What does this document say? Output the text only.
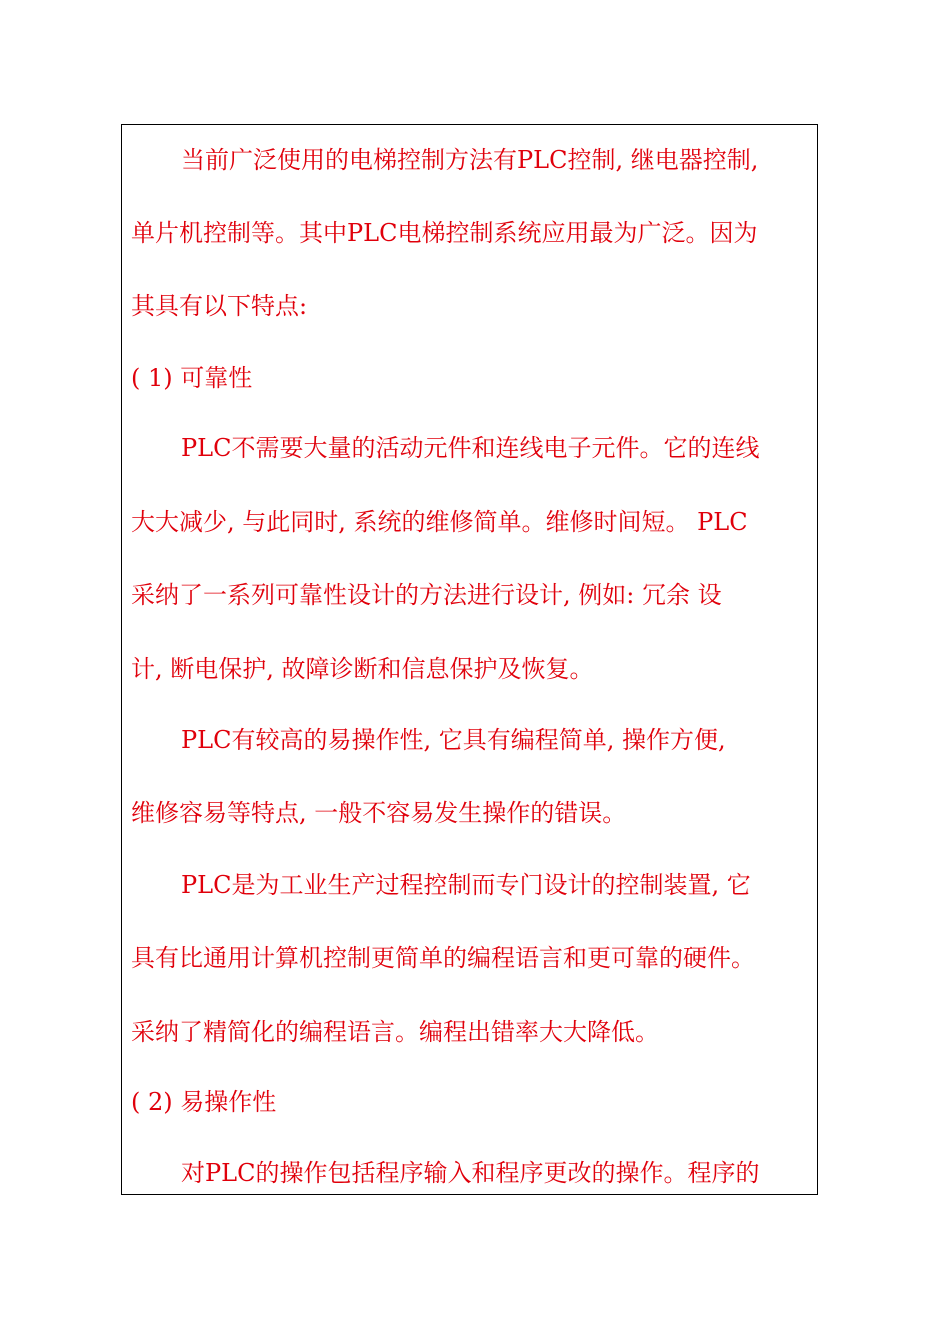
当前广泛使用的电梯控制方法有PLC控制, 继电器控制,
单片机控制等。其中PLC电梯控制系统应用最为广泛。因为
其具有以下特点:
( 1) 可靠性
PLC不需要大量的活动元件和连线电子元件。它的连线
大大减少, 与此同时, 系统的维修简单。维修时间短。 PLC
采纳了一系列可靠性设计的方法进行设计, 例如: 冗余 设
计, 断电保护, 故障诊断和信息保护及恢复。
PLC有较高的易操作性, 它具有编程简单, 操作方便,
维修容易等特点, 一般不容易发生操作的错误。
PLC是为工业生产过程控制而专门设计的控制装置, 它
具有比通用计算机控制更简单的编程语言和更可靠的硬件。
采纳了精简化的编程语言。编程出错率大大降低。
( 2) 易操作性
对PLC的操作包括程序输入和程序更改的操作。程序的
